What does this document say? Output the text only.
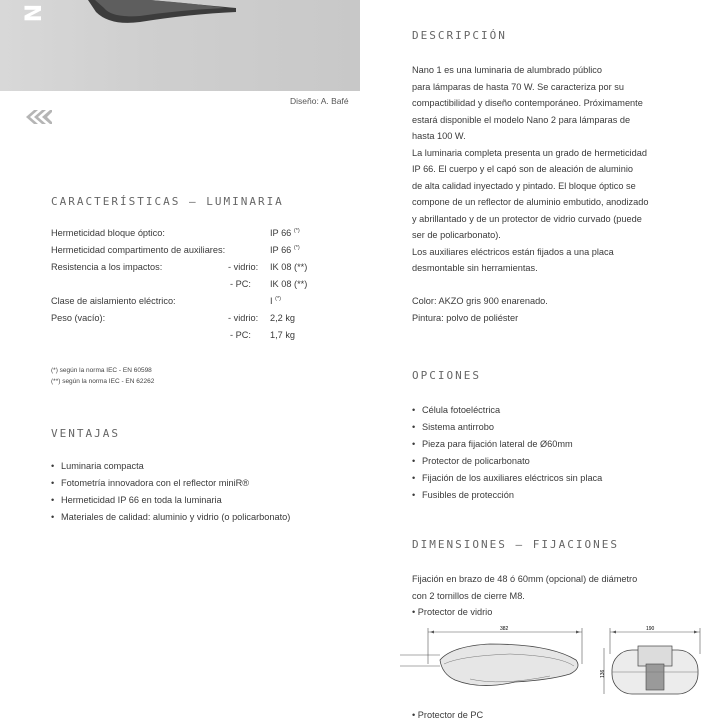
N
Diseño: A. Bafé
CARACTERÍSTICAS – LUMINARIA
Hermeticidad bloque óptico:	IP 66 (*)
Hermeticidad compartimento de auxiliares:	IP 66 (*)
Resistencia a los impactos:	- vidrio: IK 08 (**)
- PC: IK 08 (**)
Clase de aislamiento eléctrico:	I (*)
Peso (vacío):	- vidrio: 2,2 kg
- PC: 1,7 kg
(*) según la norma IEC - EN 60598
(**) según la norma IEC - EN 62262
VENTAJAS
• Luminaria compacta
• Fotometría innovadora con el reflector miniR®
• Hermeticidad IP 66 en toda la luminaria
• Materiales de calidad: aluminio y vidrio (o policarbonato)
DESCRIPCIÓN
Nano 1 es una luminaria de alumbrado público
para lámparas de hasta 70 W. Se caracteriza por su
compactibilidad y diseño contemporáneo. Próximamente
estará disponible el modelo Nano 2 para lámparas de
hasta 100 W.
La luminaria completa presenta un grado de hermeticidad
IP 66. El cuerpo y el capó son de aleación de aluminio
de alta calidad inyectado y pintado. El bloque óptico se
compone de un reflector de aluminio embutido, anodizado
y abrillantado y de un protector de vidrio curvado (puede
ser de policarbonato).
Los auxiliares eléctricos están fijados a una placa
desmontable sin herramientas.
Color: AKZO gris 900 enarenado.
Pintura: polvo de poliéster
OPCIONES
• Célula fotoeléctrica
• Sistema antirrobo
• Pieza para fijación lateral de Ø60mm
• Protector de policarbonato
• Fijación de los auxiliares eléctricos sin placa
• Fusibles de protección
DIMENSIONES – FIJACIONES
Fijación en brazo de 48 ó 60mm (opcional) de diámetro
con 2 tornillos de cierre M8.
• Protector de vidrio
382	190
136
• Protector de PC
